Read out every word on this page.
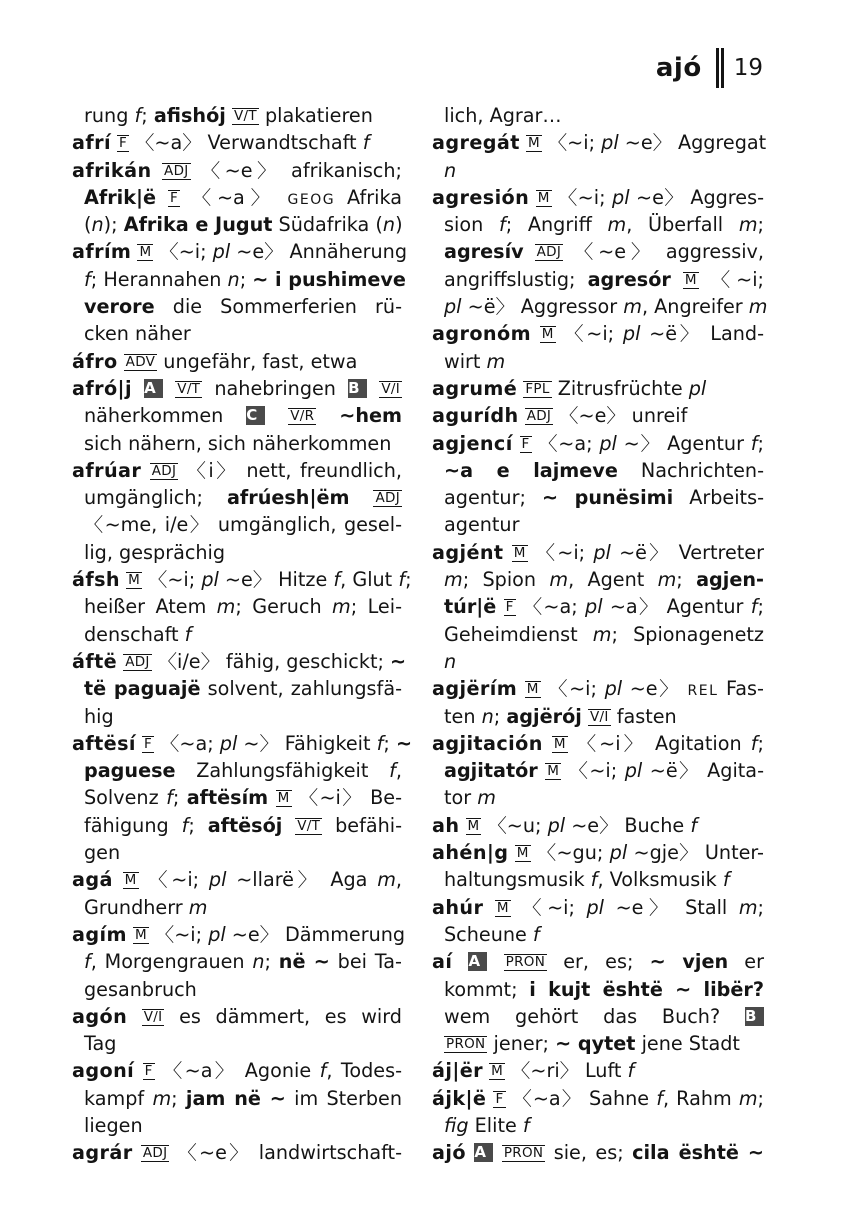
ajó 19
rung f; afishój V/T plakatieren
afrí F 〈~a〉 Verwandtschaft f
afrikán ADJ 〈~e〉 afrikanisch;
Afrik|ë F 〈~a〉 GEOG Afrika
(n); Afrika e Jugut Südafrika (n)
afrím M 〈~i; pl ~e〉 Annäherung
f; Herannahen n; ~ i pushimeve
verore die Sommerferien rü-
cken näher
áfro ADV ungefähr, fast, etwa
afró|j A V/T nahebringen B V/I
näherkommen C V/R ~hem
sich nähern, sich näherkommen
afrúar ADJ 〈i〉 nett, freundlich,
umgänglich; afrúesh|ëm ADJ
〈~me, i/e〉 umgänglich, gesel-
lig, gesprächig
áfsh M 〈~i; pl ~e〉 Hitze f, Glut f;
heißer Atem m; Geruch m; Lei-
denschaft f
áftë ADJ 〈i/e〉 fähig, geschickt; ~
të paguajë solvent, zahlungsfä-
hig
aftësí F 〈~a; pl ~〉 Fähigkeit f; ~
paguese Zahlungsfähigkeit f,
Solvenz f; aftësím M 〈~i〉 Be-
fähigung f; aftësój V/T befähi-
gen
agá M 〈~i; pl ~llarë〉 Aga m,
Grundherr m
agím M 〈~i; pl ~e〉 Dämmerung
f, Morgengrauen n; në ~ bei Ta-
gesanbruch
agón V/I es dämmert, es wird
Tag
agoní F 〈~a〉 Agonie f, Todes-
kampf m; jam në ~ im Sterben
liegen
agrár ADJ 〈~e〉 landwirtschaft-
lich, Agrar…
agregát M 〈~i; pl ~e〉 Aggregat
n
agresión M 〈~i; pl ~e〉 Aggres-
sion f; Angriff m, Überfall m;
agresív ADJ 〈~e〉 aggressiv,
angriffslustig; agresór M 〈~i;
pl ~ë〉 Aggressor m, Angreifer m
agronóm M 〈~i; pl ~ë〉 Land-
wirt m
agrumé FPL Zitrusfrüchte pl
agurídh ADJ 〈~e〉 unreif
agjencí F 〈~a; pl ~〉 Agentur f;
~a e lajmeve Nachrichten-
agentur; ~ punësimi Arbeits-
agentur
agjént M 〈~i; pl ~ë〉 Vertreter
m; Spion m, Agent m; agjen-
túr|ë F 〈~a; pl ~a〉 Agentur f;
Geheimdienst m; Spionagenetz
n
agjërím M 〈~i; pl ~e〉 REL Fas-
ten n; agjërój V/I fasten
agjitación M 〈~i〉 Agitation f;
agjitatór M 〈~i; pl ~ë〉 Agita-
tor m
ah M 〈~u; pl ~e〉 Buche f
ahén|g M 〈~gu; pl ~gje〉 Unter-
haltungsmusik f, Volksmusik f
ahúr M 〈~i; pl ~e〉 Stall m;
Scheune f
aí A PRON er, es; ~ vjen er
kommt; i kujt është ~ libër?
wem gehört das Buch? B
PRON jener; ~ qytet jene Stadt
áj|ër M 〈~ri〉 Luft f
ájk|ë F 〈~a〉 Sahne f, Rahm m;
fig Elite f
ajó A PRON sie, es; cila është ~
